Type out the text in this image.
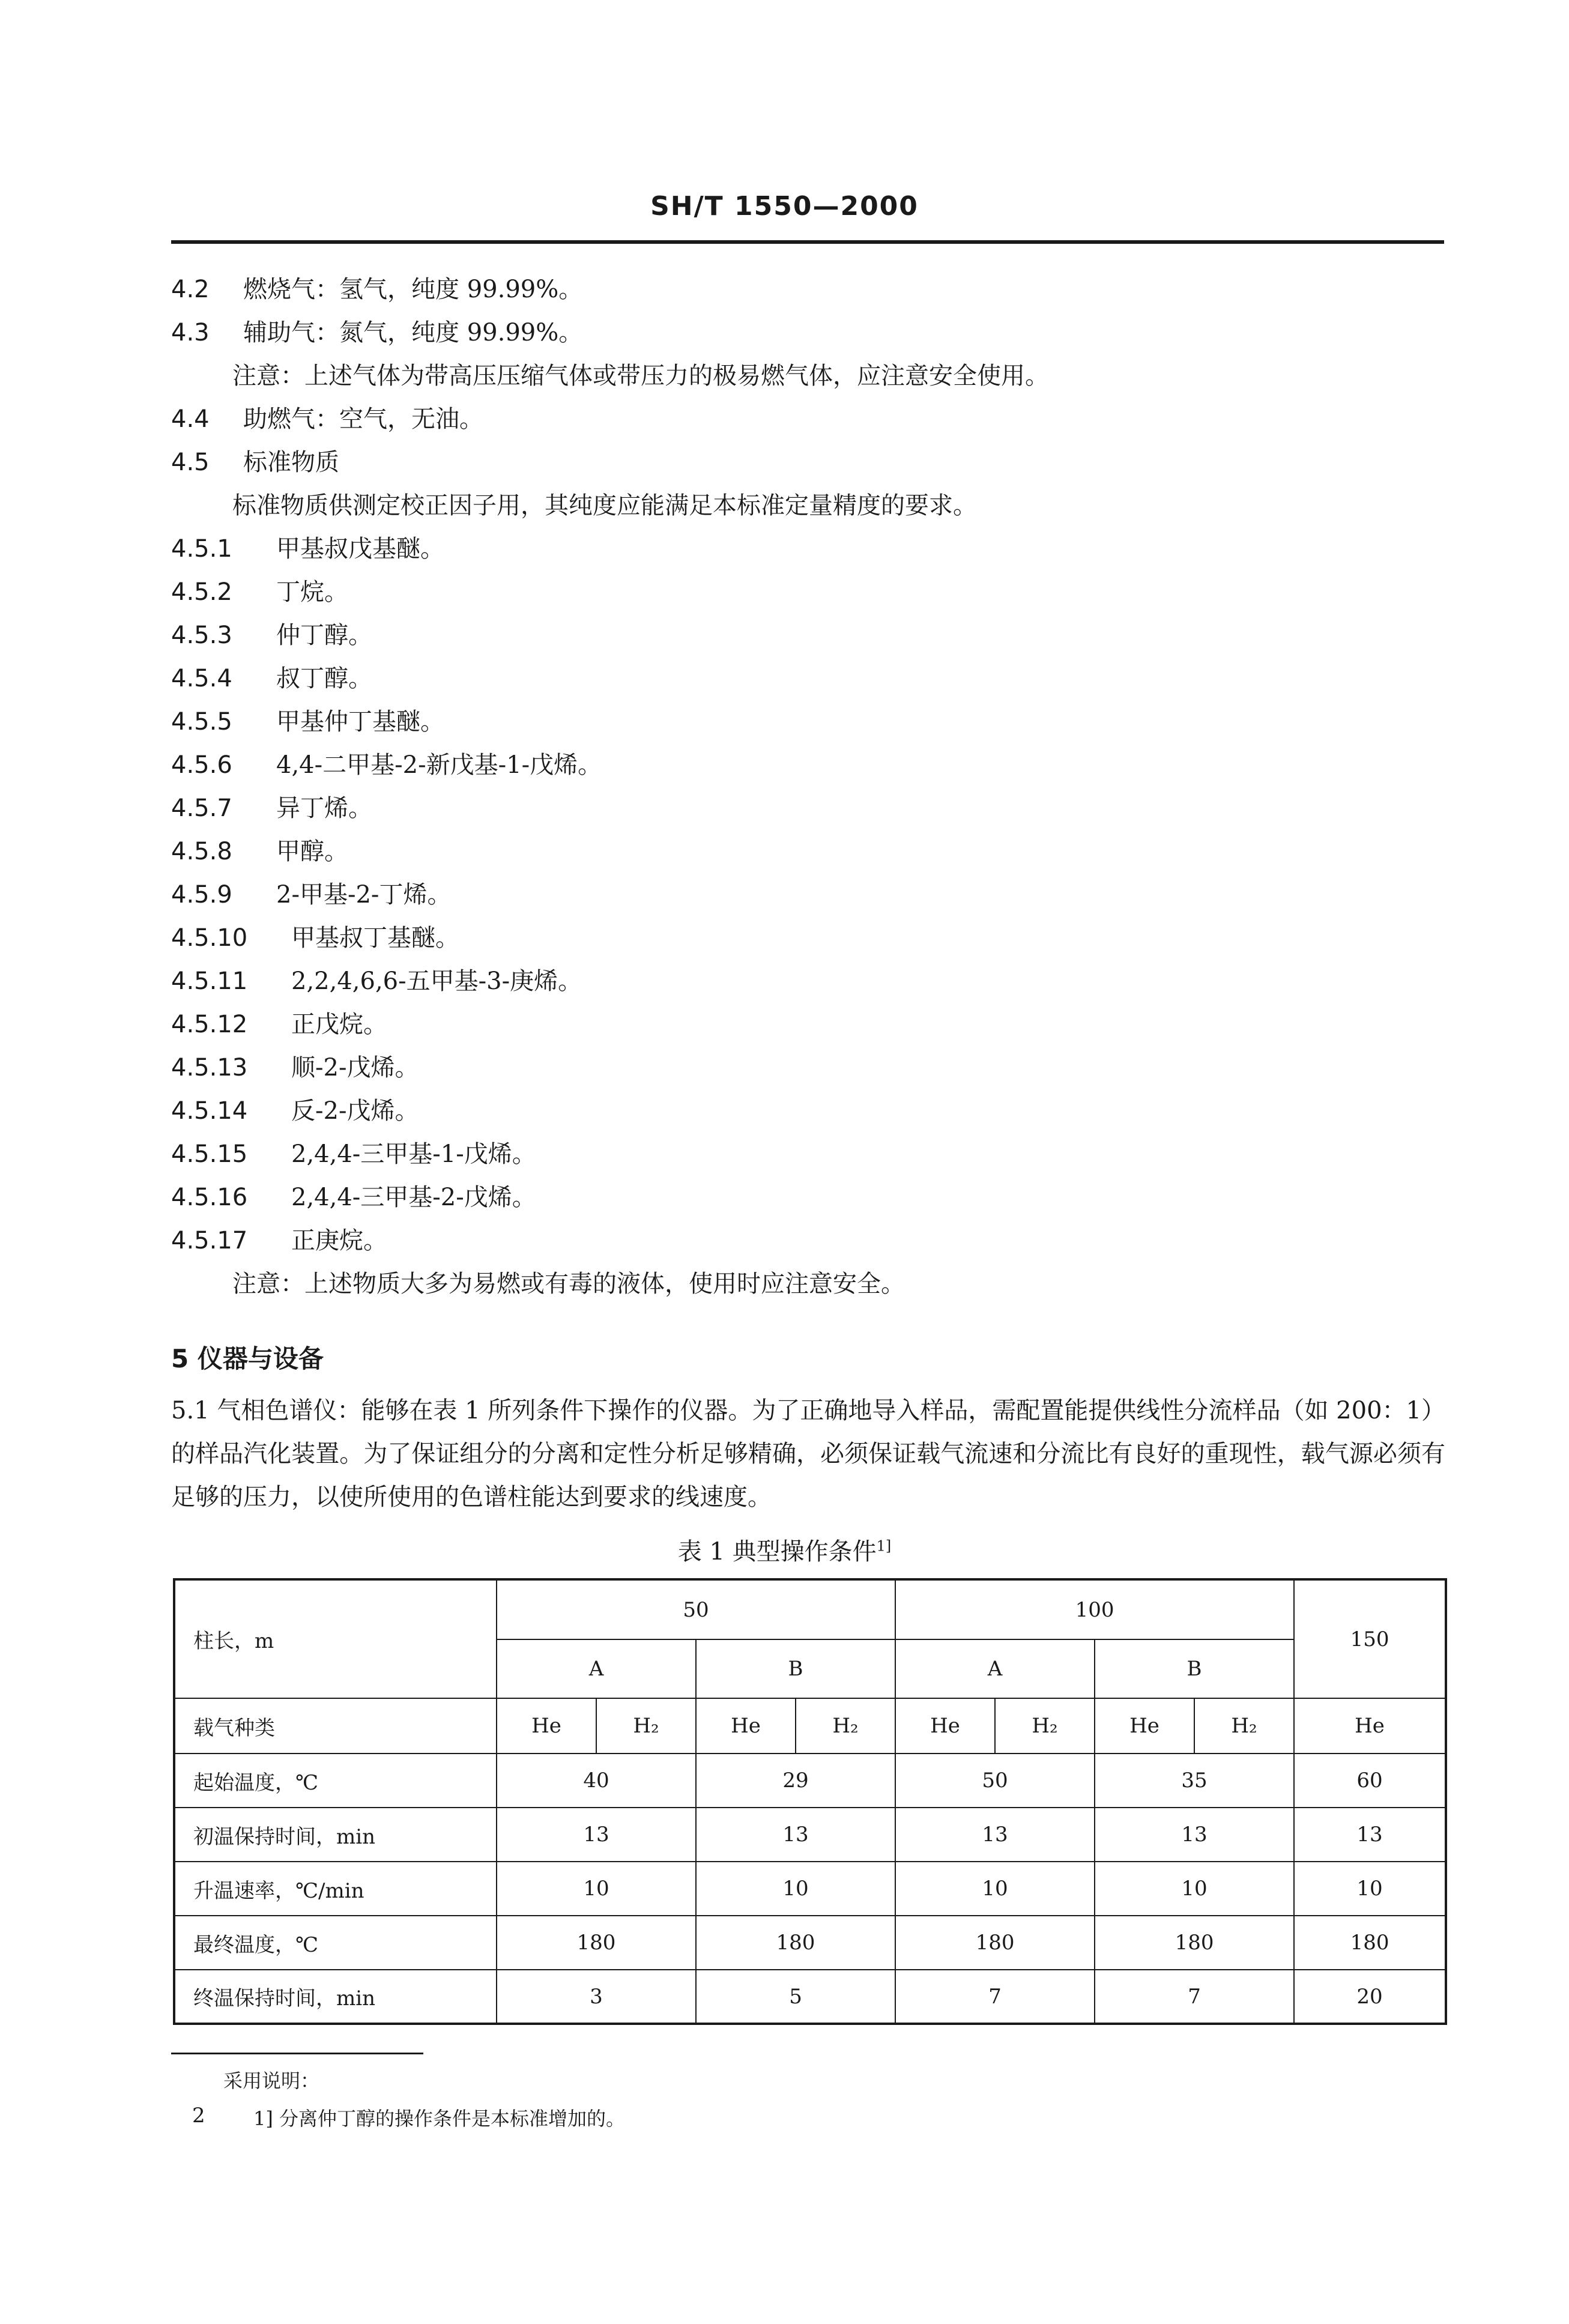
SH/T 1550—2000
4.2 燃烧气：氢气，纯度 99.99%。
4.3 辅助气：氮气，纯度 99.99%。
注意：上述气体为带高压压缩气体或带压力的极易燃气体，应注意安全使用。
4.4 助燃气：空气，无油。
4.5 标准物质
标准物质供测定校正因子用，其纯度应能满足本标准定量精度的要求。
4.5.1 甲基叔戊基醚。
4.5.2 丁烷。
4.5.3 仲丁醇。
4.5.4 叔丁醇。
4.5.5 甲基仲丁基醚。
4.5.6 4,4-二甲基-2-新戊基-1-戊烯。
4.5.7 异丁烯。
4.5.8 甲醇。
4.5.9 2-甲基-2-丁烯。
4.5.10 甲基叔丁基醚。
4.5.11 2,2,4,6,6-五甲基-3-庚烯。
4.5.12 正戊烷。
4.5.13 顺-2-戊烯。
4.5.14 反-2-戊烯。
4.5.15 2,4,4-三甲基-1-戊烯。
4.5.16 2,4,4-三甲基-2-戊烯。
4.5.17 正庚烷。
注意：上述物质大多为易燃或有毒的液体，使用时应注意安全。
5 仪器与设备
5.1 气相色谱仪：能够在表 1 所列条件下操作的仪器。为了正确地导入样品，需配置能提供线性分流样品（如 200：1）的样品汽化装置。为了保证组分的分离和定性分析足够精确，必须保证载气流速和分流比有良好的重现性，载气源必须有足够的压力，以使所使用的色谱柱能达到要求的线速度。
表 1 典型操作条件$^{1]}$
柱长，m	50				100				150
	A		B		A		B		
载气种类	He	H₂	He	H₂	He	H₂	He	H₂	He
起始温度，℃	40		29		50		35		60
初温保持时间，min	13		13		13		13		13
升温速率，℃/min	10		10		10		10		10
最终温度，℃	180		180		180		180		180
终温保持时间，min	3		5		7		7		20
采用说明：
1] 分离仲丁醇的操作条件是本标准增加的。
2
